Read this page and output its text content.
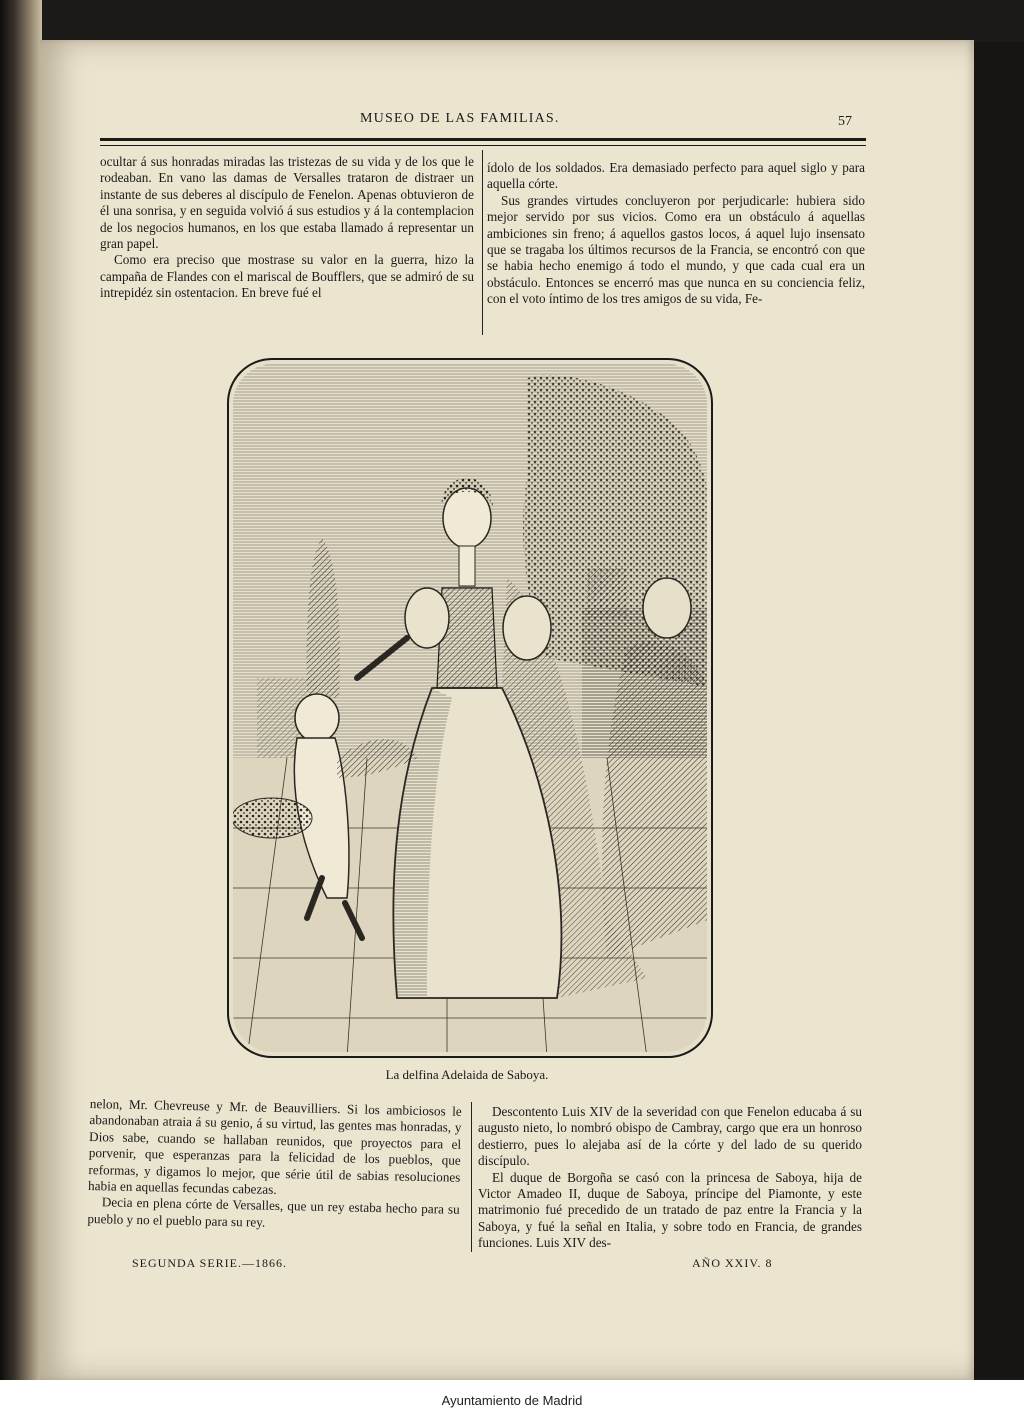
MUSEO DE LAS FAMILIAS.	57

ocultar á sus honradas miradas las tristezas de su vida y de los que le rodeaban. En vano las damas de Versalles trataron de distraer un instante de sus deberes al discípulo de Fenelon. Apenas obtuvieron de él una sonrisa, y en seguida volvió á sus estudios y á la contemplacion de los negocios humanos, en los que estaba llamado á representar un gran papel.

Como era preciso que mostrase su valor en la guerra, hizo la campaña de Flandes con el mariscal de Boufflers, que se admiró de su intrepidéz sin ostentacion. En breve fué el

ídolo de los soldados. Era demasiado perfecto para aquel siglo y para aquella córte.

Sus grandes virtudes concluyeron por perjudicarle: hubiera sido mejor servido por sus vicios. Como era un obstáculo á aquellas ambiciones sin freno; á aquellos gastos locos, á aquel lujo insensato que se tragaba los últimos recursos de la Francia, se encontró con que se habia hecho enemigo á todo el mundo, y que cada cual era un obstáculo. Entonces se encerró mas que nunca en su conciencia feliz, con el voto íntimo de los tres amigos de su vida, Fe-

La delfina Adelaida de Saboya.

nelon, Mr. Chevreuse y Mr. de Beauvilliers. Si los ambiciosos le abandonaban atraia á su genio, á su virtud, las gentes mas honradas, y Dios sabe, cuando se hallaban reunidos, que proyectos para el porvenir, que esperanzas para la felicidad de los pueblos, que reformas, y digamos lo mejor, que série útil de sabias resoluciones habia en aquellas fecundas cabezas.

Decia en plena córte de Versalles, que un rey estaba hecho para su pueblo y no el pueblo para su rey.

Descontento Luis XIV de la severidad con que Fenelon educaba á su augusto nieto, lo nombró obispo de Cambray, cargo que era un honroso destierro, pues lo alejaba así de la córte y del lado de su querido discípulo.

El duque de Borgoña se casó con la princesa de Saboya, hija de Victor Amadeo II, duque de Saboya, príncipe del Piamonte, y este matrimonio fué precedido de un tratado de paz entre la Francia y la Saboya, y fué la señal en Italia, y sobre todo en Francia, de grandes funciones. Luis XIV des-

SEGUNDA SERIE.—1866.	AÑO XXIV. 8
Ayuntamiento de Madrid
